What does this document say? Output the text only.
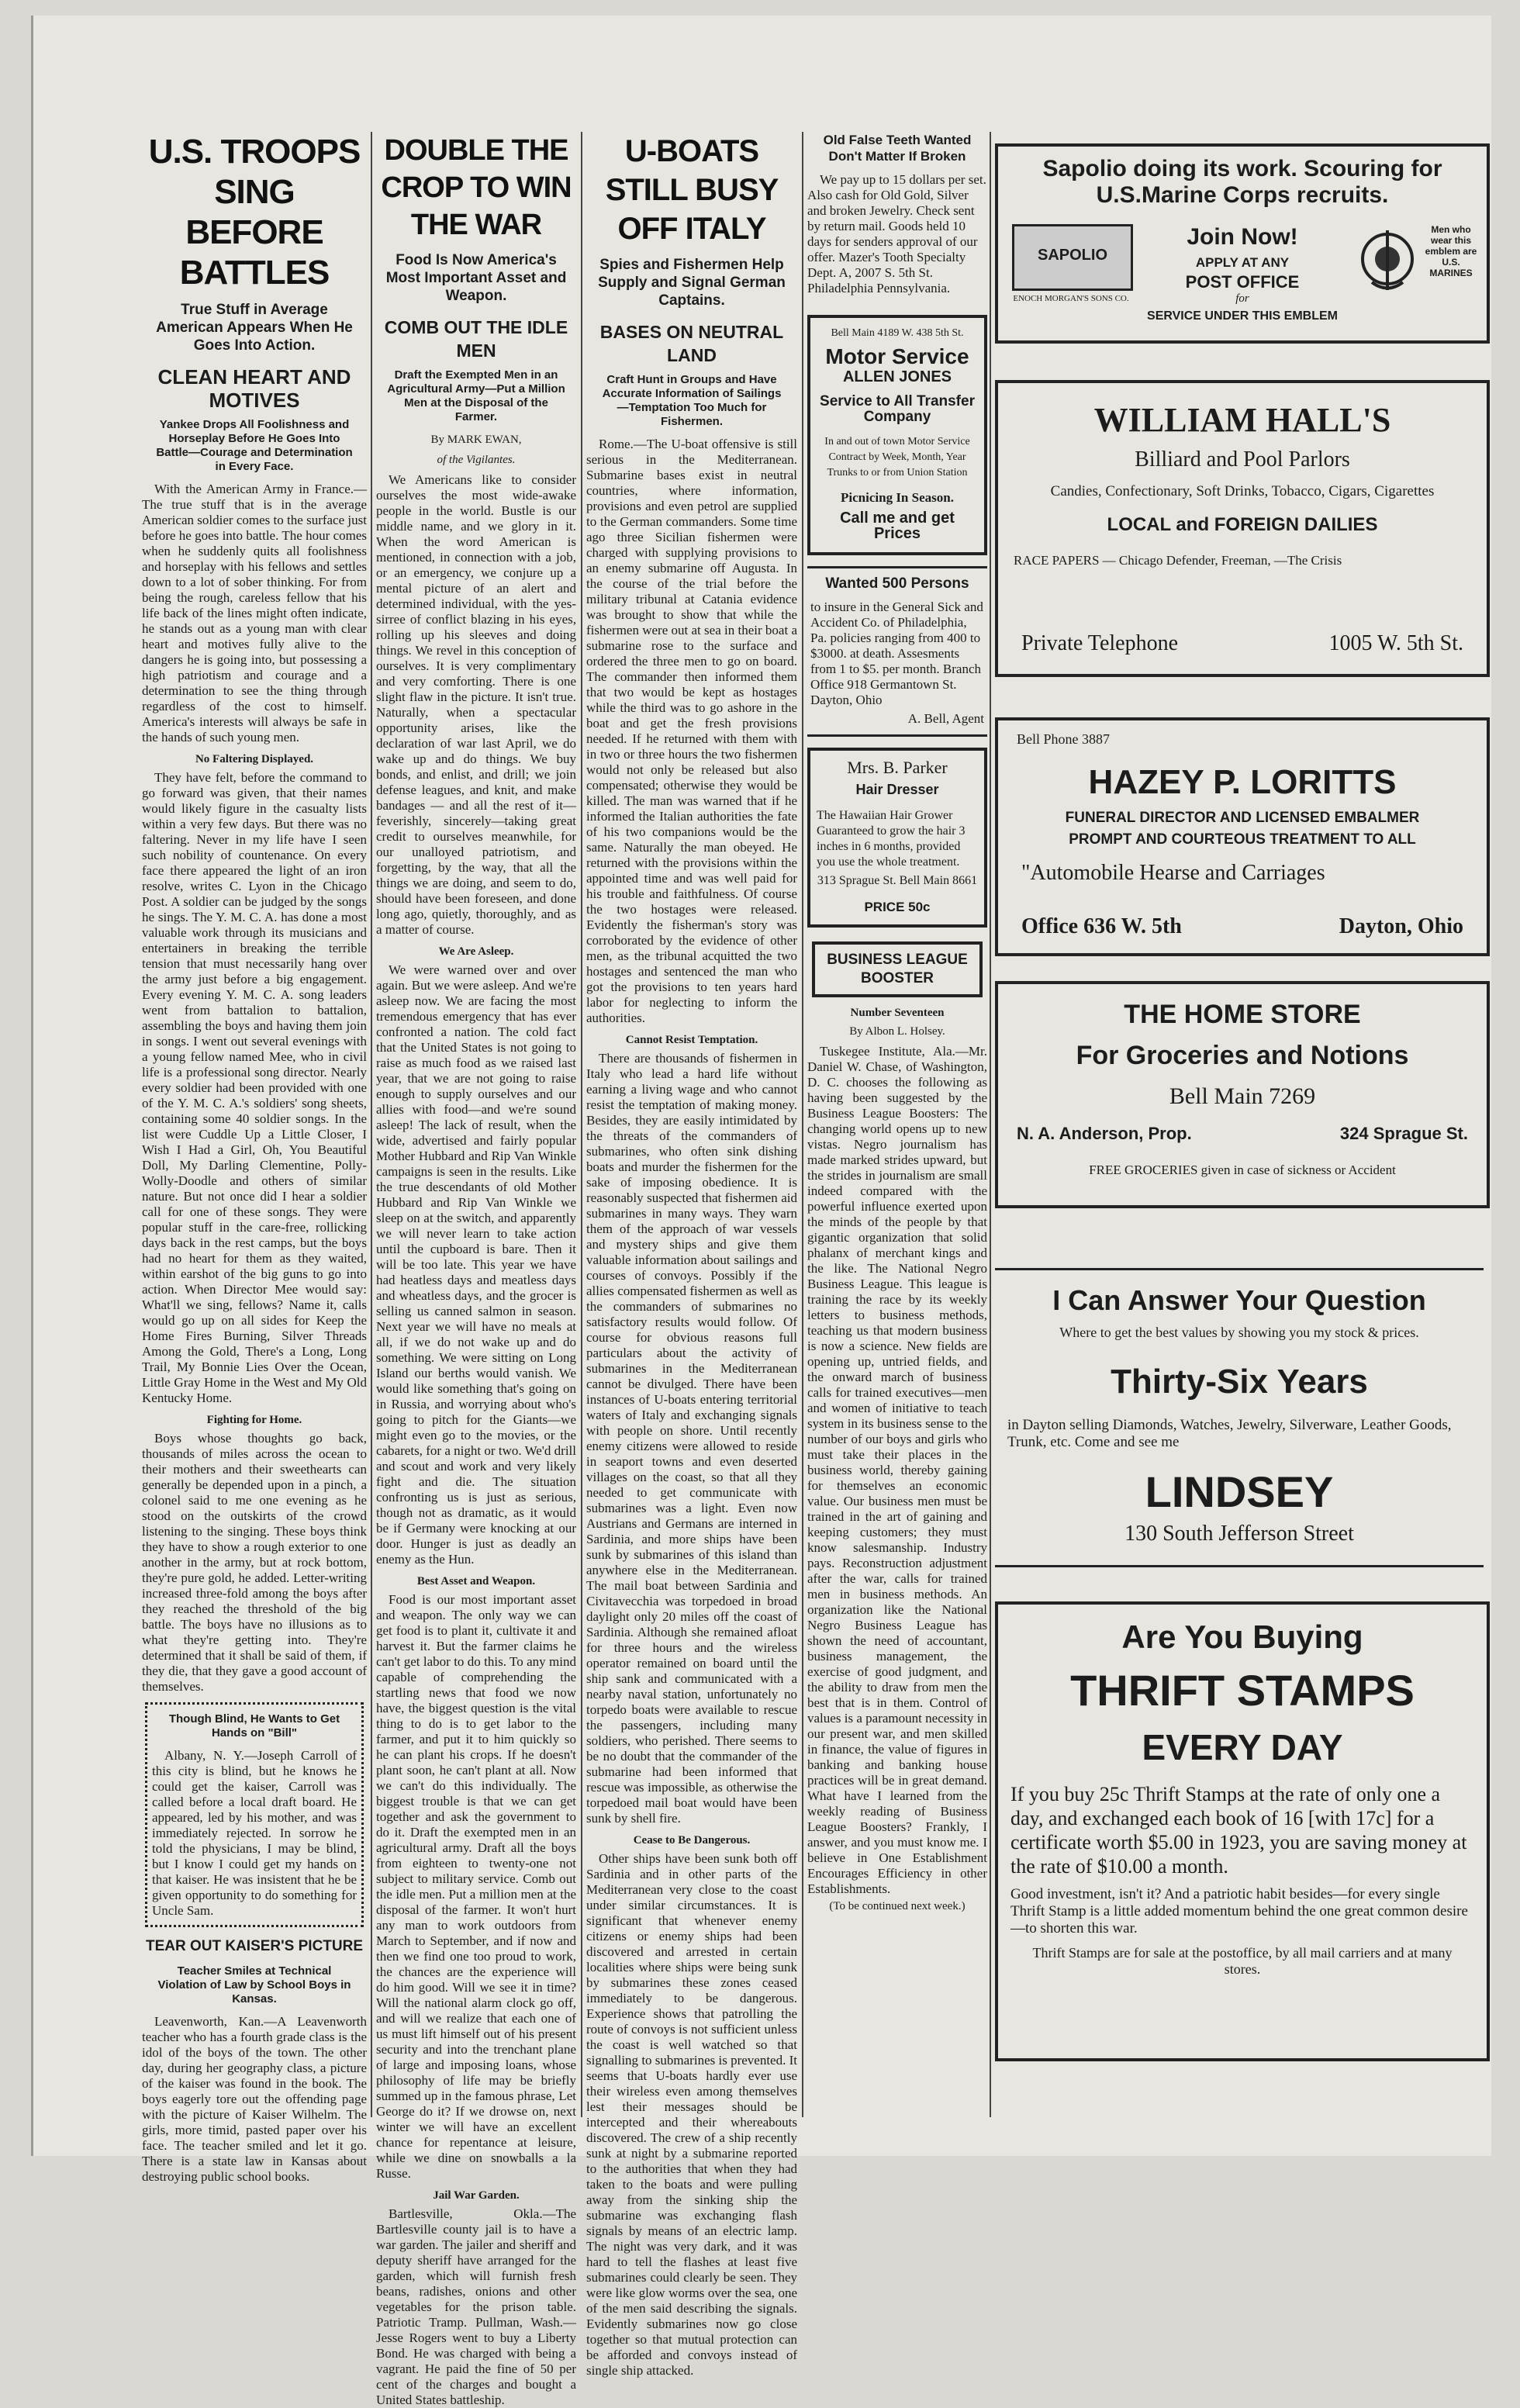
U.S. TROOPS SING BEFORE BATTLES
True Stuff in Average American Appears When He Goes Into Action.
CLEAN HEART AND MOTIVES
Yankee Drops All Foolishness and Horseplay Before He Goes Into Battle—Courage and Determination in Every Face.

With the American Army in France.—The true stuff that is in the average American soldier comes to the surface just before he goes into battle. The hour comes when he suddenly quits all foolishness and horseplay with his fellows and settles down to a lot of sober thinking. For from being the rough, careless fellow that his life back of the lines might often indicate, he stands out as a young man with clear heart and motives fully alive to the dangers he is going into, but possessing a high patriotism and courage and a determination to see the thing through regardless of the cost to himself. America's interests will always be safe in the hands of such young men.

No Faltering Displayed.

They have felt, before the command to go forward was given, that their names would likely figure in the casualty lists within a very few days. But there was no faltering. Never in my life have I seen such nobility of countenance. On every face there appeared the light of an iron resolve, writes C. Lyon in the Chicago Post. A soldier can be judged by the songs he sings. The Y. M. C. A. has done a most valuable work through its musicians and entertainers in breaking the terrible tension that must necessarily hang over the army just before a big engagement. Every evening Y. M. C. A. song leaders went from battalion to battalion, assembling the boys and having them join in songs. I went out several evenings with a young fellow named Mee, who in civil life is a professional song director. Nearly every soldier had been provided with one of the Y. M. C. A.'s soldiers' song sheets, containing some 40 soldier songs. In the list were Cuddle Up a Little Closer, I Wish I Had a Girl, Oh, You Beautiful Doll, My Darling Clementine, Polly-Wolly-Doodle and others of similar nature. But not once did I hear a soldier call for one of these songs. They were popular stuff in the care-free, rollicking days back in the rest camps, but the boys had no heart for them as they waited, within earshot of the big guns to go into action. When Director Mee would say: What'll we sing, fellows? Name it, calls would go up on all sides for Keep the Home Fires Burning, Silver Threads Among the Gold, There's a Long, Long Trail, My Bonnie Lies Over the Ocean, Little Gray Home in the West and My Old Kentucky Home.

Fighting for Home.

Boys whose thoughts go back, thousands of miles across the ocean to their mothers and their sweethearts can generally be depended upon in a pinch, a colonel said to me one evening as he stood on the outskirts of the crowd listening to the singing. These boys think they have to show a rough exterior to one another in the army, but at rock bottom, they're pure gold, he added. Letter-writing increased three-fold among the boys after they reached the threshold of the big battle. The boys have no illusions as to what they're getting into. They're determined that it shall be said of them, if they die, that they gave a good account of themselves.

Though Blind, He Wants to Get Hands on "Bill"

Albany, N. Y.—Joseph Carroll of this city is blind, but he knows he could get the kaiser, Carroll was called before a local draft board. He appeared, led by his mother, and was immediately rejected. In sorrow he told the physicians, I may be blind, but I know I could get my hands on that kaiser. He was insistent that he be given opportunity to do something for Uncle Sam.

TEAR OUT KAISER'S PICTURE
Teacher Smiles at Technical Violation of Law by School Boys in Kansas.

Leavenworth, Kan.—A Leavenworth teacher who has a fourth grade class is the idol of the boys of the town. The other day, during her geography class, a picture of the kaiser was found in the book. The boys eagerly tore out the offending page with the picture of Kaiser Wilhelm. The girls, more timid, pasted paper over his face. The teacher smiled and let it go. There is a state law in Kansas about destroying public school books.

DOUBLE THE CROP TO WIN THE WAR
Food Is Now America's Most Important Asset and Weapon.
COMB OUT THE IDLE MEN
Draft the Exempted Men in an Agricultural Army—Put a Million Men at the Disposal of the Farmer.
By MARK EWAN,
of the Vigilantes.

We Americans like to consider ourselves the most wide-awake people in the world. Bustle is our middle name, and we glory in it. When the word American is mentioned, in connection with a job, or an emergency, we conjure up a mental picture of an alert and determined individual, with the yes-sirree of conflict blazing in his eyes, rolling up his sleeves and doing things. We revel in this conception of ourselves. It is very complimentary and very comforting. There is one slight flaw in the picture. It isn't true. Naturally, when a spectacular opportunity arises, like the declaration of war last April, we do wake up and do things. We buy bonds, and enlist, and drill; we join defense leagues, and knit, and make bandages — and all the rest of it—feverishly, sincerely—taking great credit to ourselves meanwhile, for our unalloyed patriotism, and forgetting, by the way, that all the things we are doing, and seem to do, should have been foreseen, and done long ago, quietly, thoroughly, and as a matter of course.

We Are Asleep.

We were warned over and over again. But we were asleep. And we're asleep now. We are facing the most tremendous emergency that has ever confronted a nation. The cold fact that the United States is not going to raise as much food as we raised last year, that we are not going to raise enough to supply ourselves and our allies with food—and we're sound asleep! The lack of result, when the wide, advertised and fairly popular Mother Hubbard and Rip Van Winkle campaigns is seen in the results. Like the true descendants of old Mother Hubbard and Rip Van Winkle we sleep on at the switch, and apparently we will never learn to take action until the cupboard is bare. Then it will be too late. This year we have had heatless days and meatless days and wheatless days, and the grocer is selling us canned salmon in season. Next year we will have no meals at all, if we do not wake up and do something. We were sitting on Long Island our berths would vanish. We would like something that's going on in Russia, and worrying about who's going to pitch for the Giants—we might even go to the movies, or the cabarets, for a night or two. We'd drill and scout and work and very likely fight and die. The situation confronting us is just as serious, though not as dramatic, as it would be if Germany were knocking at our door. Hunger is just as deadly an enemy as the Hun.

Best Asset and Weapon.

Food is our most important asset and weapon. The only way we can get food is to plant it, cultivate it and harvest it. But the farmer claims he can't get labor to do this. To any mind capable of comprehending the startling news that food we now have, the biggest question is the vital thing to do is to get labor to the farmer, and put it to him quickly so he can plant his crops. If he doesn't plant soon, he can't plant at all. Now we can't do this individually. The biggest trouble is that we can get together and ask the government to do it. Draft the exempted men in an agricultural army. Draft all the boys from eighteen to twenty-one not subject to military service. Comb out the idle men. Put a million men at the disposal of the farmer. It won't hurt any man to work outdoors from March to September, and if now and then we find one too proud to work, the chances are the experience will do him good. Will we see it in time? Will the national alarm clock go off, and will we realize that each one of us must lift himself out of his present security and into the trenchant plane of large and imposing loans, whose philosophy of life may be briefly summed up in the famous phrase, Let George do it? If we drowse on, next winter we will have an excellent chance for repentance at leisure, while we dine on snowballs a la Russe.

Jail War Garden.

Bartlesville, Okla.—The Bartlesville county jail is to have a war garden. The jailer and sheriff and deputy sheriff have arranged for the garden, which will furnish fresh beans, radishes, onions and other vegetables for the prison table. Patriotic Tramp. Pullman, Wash.—Jesse Rogers went to buy a Liberty Bond. He was charged with being a vagrant. He paid the fine of 50 per cent of the charges and bought a United States battleship.

U-BOATS STILL BUSY OFF ITALY
Spies and Fishermen Help Supply and Signal German Captains.
BASES ON NEUTRAL LAND
Craft Hunt in Groups and Have Accurate Information of Sailings—Temptation Too Much for Fishermen.

Rome.—The U-boat offensive is still serious in the Mediterranean. Submarine bases exist in neutral countries, where information, provisions and even petrol are supplied to the German commanders. Some time ago three Sicilian fishermen were charged with supplying provisions to an enemy submarine off Augusta. In the course of the trial before the military tribunal at Catania evidence was brought to show that while the fishermen were out at sea in their boat a submarine rose to the surface and ordered the three men to go on board. The commander then informed them that two would be kept as hostages while the third was to go ashore in the boat and get the fresh provisions needed. If he returned with them with in two or three hours the two fishermen would not only be released but also compensated; otherwise they would be killed. The man was warned that if he informed the Italian authorities the fate of his two companions would be the same. Naturally the man obeyed. He returned with the provisions within the appointed time and was well paid for his trouble and faithfulness. Of course the two hostages were released. Evidently the fisherman's story was corroborated by the evidence of other men, as the tribunal acquitted the two hostages and sentenced the man who got the provisions to ten years hard labor for neglecting to inform the authorities.

Cannot Resist Temptation.

There are thousands of fishermen in Italy who lead a hard life without earning a living wage and who cannot resist the temptation of making money. Besides, they are easily intimidated by the threats of the commanders of submarines, who often sink dishing boats and murder the fishermen for the sake of imposing obedience. It is reasonably suspected that fishermen aid submarines in many ways. They warn them of the approach of war vessels and mystery ships and give them valuable information about sailings and courses of convoys. Possibly if the allies compensated fishermen as well as the commanders of submarines no satisfactory results would follow. Of course for obvious reasons full particulars about the activity of submarines in the Mediterranean cannot be divulged. There have been instances of U-boats entering territorial waters of Italy and exchanging signals with people on shore. Until recently enemy citizens were allowed to reside in seaport towns and even deserted villages on the coast, so that all they needed to get communicate with submarines was a light. Even now Austrians and Germans are interned in Sardinia, and more ships have been sunk by submarines of this island than anywhere else in the Mediterranean. The mail boat between Sardinia and Civitavecchia was torpedoed in broad daylight only 20 miles off the coast of Sardinia. Although she remained afloat for three hours and the wireless operator remained on board until the ship sank and communicated with a nearby naval station, unfortunately no torpedo boats were available to rescue the passengers, including many soldiers, who perished. There seems to be no doubt that the commander of the submarine had been informed that rescue was impossible, as otherwise the torpedoed mail boat would have been sunk by shell fire.

Cease to Be Dangerous.

Other ships have been sunk both off Sardinia and in other parts of the Mediterranean very close to the coast under similar circumstances. It is significant that whenever enemy citizens or enemy ships had been discovered and arrested in certain localities where ships were being sunk by submarines these zones ceased immediately to be dangerous. Experience shows that patrolling the route of convoys is not sufficient unless the coast is well watched so that signalling to submarines is prevented. It seems that U-boats hardly ever use their wireless even among themselves lest their messages should be intercepted and their whereabouts discovered. The crew of a ship recently sunk at night by a submarine reported to the authorities that when they had taken to the boats and were pulling away from the sinking ship the submarine was exchanging flash signals by means of an electric lamp. The night was very dark, and it was hard to tell the flashes at least five submarines could clearly be seen. They were like glow worms over the sea, one of the men said describing the signals. Evidently submarines now go close together so that mutual protection can be afforded and convoys instead of single ship attacked.

Old False Teeth Wanted Don't Matter If Broken

We pay up to 15 dollars per set. Also cash for Old Gold, Silver and broken Jewelry. Check sent by return mail. Goods held 10 days for senders approval of our offer. Mazer's Tooth Specialty Dept. A, 2007 S. 5th St. Philadelphia Pennsylvania.

Bell Main 4189 W. 438 5th St.
Motor Service
ALLEN JONES
Service to All Transfer Company
In and out of town Motor Service Contract by Week, Month, Year Trunks to or from Union Station
Picnicing In Season.
Call me and get Prices
Wanted 500 Persons

to insure in the General Sick and Accident Co. of Philadelphia, Pa. policies ranging from 400 to $3000. at death. Assesments from 1 to $5. per month. Branch Office 918 Germantown St. Dayton, Ohio

A. Bell, Agent
Mrs. B. Parker
Hair Dresser
The Hawaiian Hair Grower Guaranteed to grow the hair 3 inches in 6 months, provided you use the whole treatment.
313 Sprague St. Bell Main 8661
PRICE 50c
BUSINESS LEAGUE BOOSTER
Number Seventeen
By Albon L. Holsey.

Tuskegee Institute, Ala.—Mr. Daniel W. Chase, of Washington, D. C. chooses the following as having been suggested by the Business League Boosters: The changing world opens up to new vistas. Negro journalism has made marked strides upward, but the strides in journalism are small indeed compared with the powerful influence exerted upon the minds of the people by that gigantic organization that solid phalanx of merchant kings and the like. The National Negro Business League. This league is training the race by its weekly letters to business methods, teaching us that modern business is now a science. New fields are opening up, untried fields, and the onward march of business calls for trained executives—men and women of initiative to teach system in its business sense to the number of our boys and girls who must take their places in the business world, thereby gaining for themselves an economic value. Our business men must be trained in the art of gaining and keeping customers; they must know salesmanship. Industry pays. Reconstruction adjustment after the war, calls for trained men in business methods. An organization like the National Negro Business League has shown the need of accountant, business management, the exercise of good judgment, and the ability to draw from men the best that is in them. Control of values is a paramount necessity in our present war, and men skilled in finance, the value of figures in banking and banking house practices will be in great demand. What have I learned from the weekly reading of Business League Boosters? Frankly, I answer, and you must know me. I believe in One Establishment Encourages Efficiency in other Establishments.

(To be continued next week.)
Sapolio doing its work. Scouring for U.S.Marine Corps recruits.
SAPOLIO
ENOCH MORGAN'S SONS CO.
Join Now!
APPLY AT ANY
POST OFFICE
for
SERVICE UNDER THIS EMBLEM
Men who wear this emblem are U.S. MARINES
WILLIAM HALL'S
Billiard and Pool Parlors
Candies, Confectionary, Soft Drinks, Tobacco, Cigars, Cigarettes
LOCAL and FOREIGN DAILIES
RACE PAPERS — Chicago Defender, Freeman, —The Crisis
Private Telephone	1005 W. 5th St.
Bell Phone 3887
HAZEY P. LORITTS
FUNERAL DIRECTOR AND LICENSED EMBALMER
PROMPT AND COURTEOUS TREATMENT TO ALL
"Automobile Hearse and Carriages
Office 636 W. 5th	Dayton, Ohio
THE HOME STORE
For Groceries and Notions
Bell Main 7269
N. A. Anderson, Prop.	324 Sprague St.
FREE GROCERIES given in case of sickness or Accident
I Can Answer Your Question
Where to get the best values by showing you my stock & prices.
Thirty-Six Years
in Dayton selling Diamonds, Watches, Jewelry, Silverware, Leather Goods, Trunk, etc. Come and see me
LINDSEY
130 South Jefferson Street
Are You Buying
THRIFT STAMPS
EVERY DAY
If you buy 25c Thrift Stamps at the rate of only one a day, and exchanged each book of 16 [with 17c] for a certificate worth $5.00 in 1923, you are saving money at the rate of $10.00 a month.
Good investment, isn't it? And a patriotic habit besides—for every single Thrift Stamp is a little added momentum behind the one great common desire—to shorten this war.
Thrift Stamps are for sale at the postoffice, by all mail carriers and at many stores.
